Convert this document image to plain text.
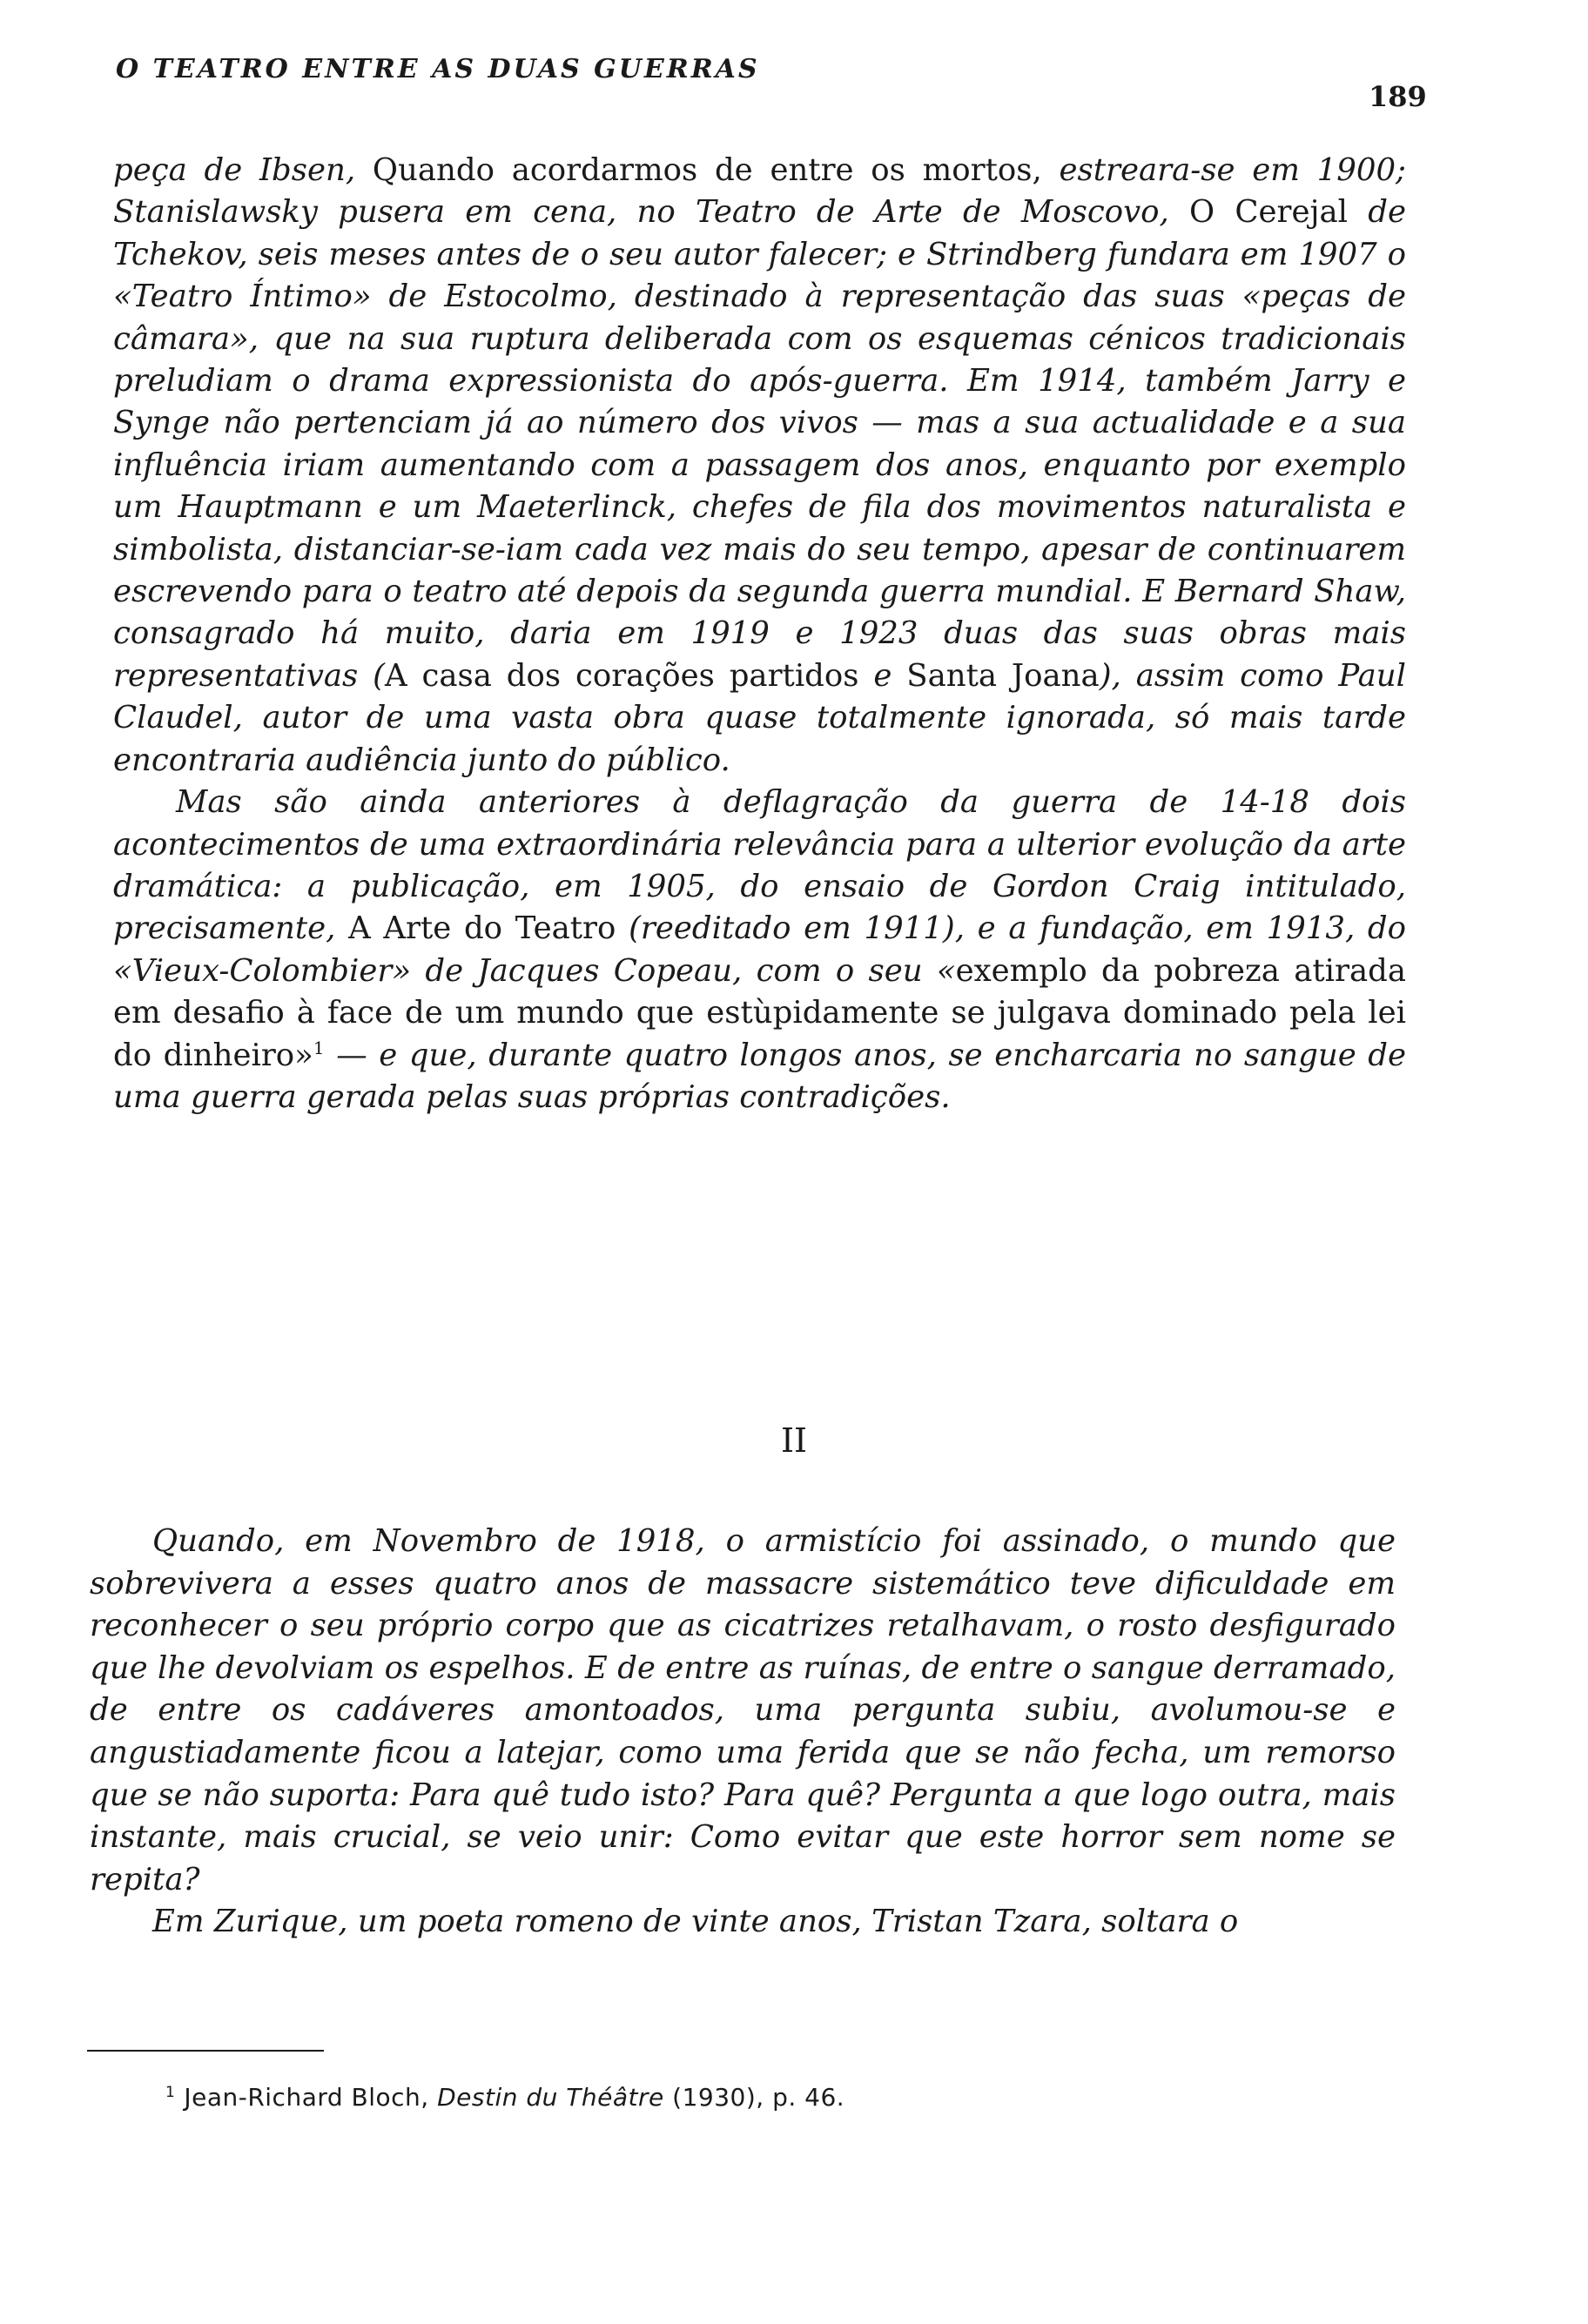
O TEATRO ENTRE AS DUAS GUERRAS
189

peça de Ibsen, Quando acordarmos de entre os mortos, estreara-se em 1900; Stanislawsky pusera em cena, no Teatro de Arte de Moscovo, O Cerejal de Tchekov, seis meses antes de o seu autor falecer; e Strindberg fundara em 1907 o «Teatro Íntimo» de Estocolmo, destinado à representação das suas «peças de câmara», que na sua ruptura deliberada com os esquemas cénicos tradicionais preludiam o drama expressionista do após-guerra. Em 1914, também Jarry e Synge não pertenciam já ao número dos vivos — mas a sua actualidade e a sua influência iriam aumentando com a passagem dos anos, enquanto por exemplo um Hauptmann e um Maeterlinck, chefes de fila dos movimentos naturalista e simbolista, distanciar-se-iam cada vez mais do seu tempo, apesar de continuarem escrevendo para o teatro até depois da segunda guerra mundial. E Bernard Shaw, consagrado há muito, daria em 1919 e 1923 duas das suas obras mais representativas (A casa dos corações partidos e Santa Joana), assim como Paul Claudel, autor de uma vasta obra quase totalmente ignorada, só mais tarde encontraria audiência junto do público.

Mas são ainda anteriores à deflagração da guerra de 14-18 dois acontecimentos de uma extraordinária relevância para a ulterior evolução da arte dramática: a publicação, em 1905, do ensaio de Gordon Craig intitulado, precisamente, A Arte do Teatro (reeditado em 1911), e a fundação, em 1913, do «Vieux-Colombier» de Jacques Copeau, com o seu «exemplo da pobreza atirada em desafio à face de um mundo que estùpidamente se julgava dominado pela lei do dinheiro»$^1$ — e que, durante quatro longos anos, se encharcaria no sangue de uma guerra gerada pelas suas próprias contradições.

II

Quando, em Novembro de 1918, o armistício foi assinado, o mundo que sobrevivera a esses quatro anos de massacre sistemático teve dificuldade em reconhecer o seu próprio corpo que as cicatrizes retalhavam, o rosto desfigurado que lhe devolviam os espelhos. E de entre as ruínas, de entre o sangue derramado, de entre os cadáveres amontoados, uma pergunta subiu, avolumou-se e angustiadamente ficou a latejar, como uma ferida que se não fecha, um remorso que se não suporta: Para quê tudo isto? Para quê? Pergunta a que logo outra, mais instante, mais crucial, se veio unir: Como evitar que este horror sem nome se repita?

Em Zurique, um poeta romeno de vinte anos, Tristan Tzara, soltara o

$^1$ Jean-Richard Bloch, Destin du Théâtre (1930), p. 46.
